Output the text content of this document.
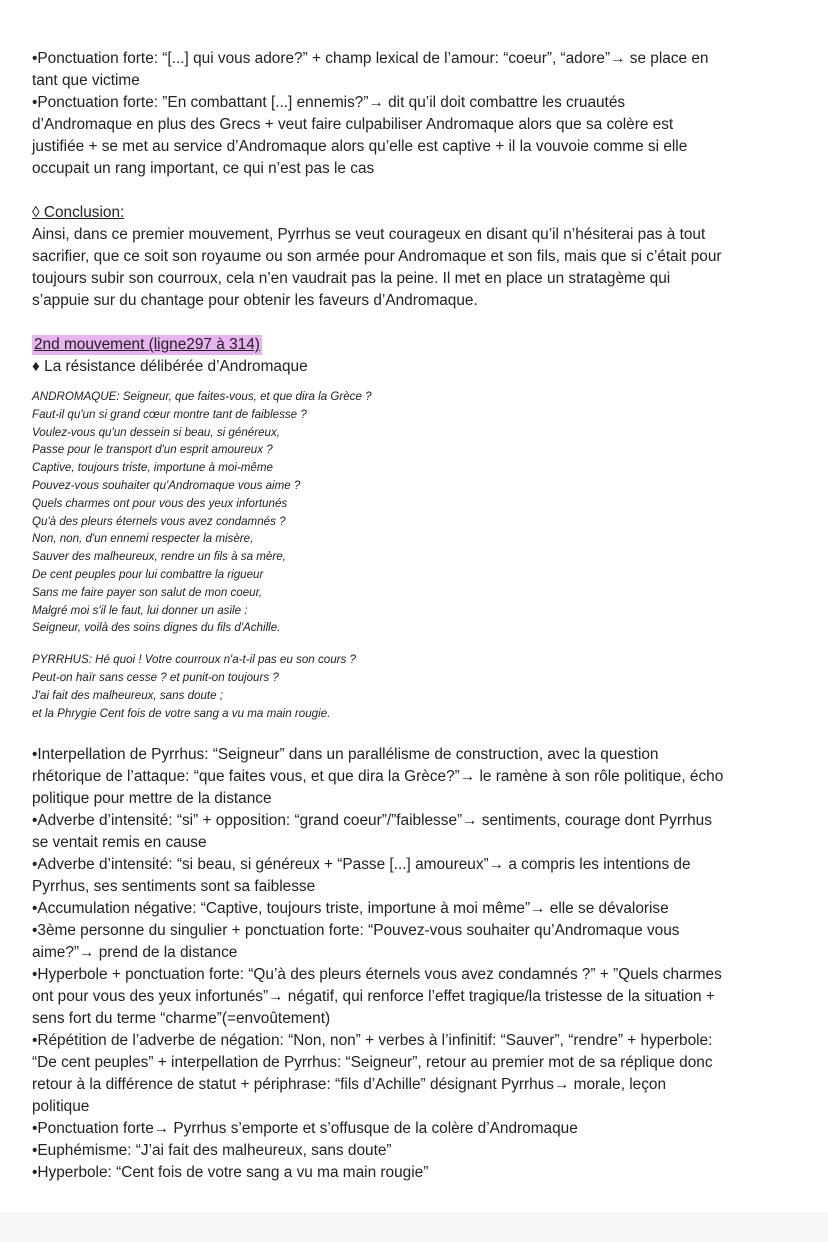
•Ponctuation forte: “[...] qui vous adore?” + champ lexical de l’amour: “coeur”, “adore”→ se place en

tant que victime

•Ponctuation forte: ”En combattant [...] ennemis?”→ dit qu’il doit combattre les cruautés

d’Andromaque en plus des Grecs + veut faire culpabiliser Andromaque alors que sa colère est

justifiée + se met au service d’Andromaque alors qu’elle est captive + il la vouvoie comme si elle

occupait un rang important, ce qui n’est pas le cas

◊ Conclusion:

Ainsi, dans ce premier mouvement, Pyrrhus se veut courageux en disant qu’il n’hésiterai pas à tout

sacrifier, que ce soit son royaume ou son armée pour Andromaque et son fils, mais que si c’était pour

toujours subir son courroux, cela n’en vaudrait pas la peine. Il met en place un stratagème qui

s’appuie sur du chantage pour obtenir les faveurs d’Andromaque.

2nd mouvement (ligne297 à 314)

♦ La résistance délibérée d’Andromaque

ANDROMAQUE: Seigneur, que faites-vous, et que dira la Grèce ?

Faut-il qu'un si grand cœur montre tant de faiblesse ?

Voulez-vous qu'un dessein si beau, si généreux,

Passe pour le transport d'un esprit amoureux ?

Captive, toujours triste, importune à moi-même

Pouvez-vous souhaiter qu'Andromaque vous aime ?

Quels charmes ont pour vous des yeux infortunés

Qu'à des pleurs éternels vous avez condamnés ?

Non, non, d'un ennemi respecter la misère,

Sauver des malheureux, rendre un fils à sa mère,

De cent peuples pour lui combattre la rigueur

Sans me faire payer son salut de mon coeur,

Malgré moi s'il le faut, lui donner un asile :

Seigneur, voilà des soins dignes du fils d'Achille.

PYRRHUS: Hé quoi ! Votre courroux n'a-t-il pas eu son cours ?

Peut-on haïr sans cesse ? et punit-on toujours ?

J'ai fait des malheureux, sans doute ;

et la Phrygie Cent fois de votre sang a vu ma main rougie.

•Interpellation de Pyrrhus: “Seigneur” dans un parallélisme de construction, avec la question

rhétorique de l’attaque: “que faites vous, et que dira la Grèce?”→ le ramène à son rôle politique, écho

politique pour mettre de la distance

•Adverbe d’intensité: “si” + opposition: “grand coeur”/”faiblesse”→ sentiments, courage dont Pyrrhus

se ventait remis en cause

•Adverbe d’intensité: “si beau, si généreux + “Passe [...] amoureux”→ a compris les intentions de

Pyrrhus, ses sentiments sont sa faiblesse

•Accumulation négative: “Captive, toujours triste, importune à moi même”→ elle se dévalorise

•3ème personne du singulier + ponctuation forte: “Pouvez-vous souhaiter qu’Andromaque vous

aime?”→ prend de la distance

•Hyperbole + ponctuation forte: “Qu’à des pleurs éternels vous avez condamnés ?” + ”Quels charmes

ont pour vous des yeux infortunés”→ négatif, qui renforce l’effet tragique/la tristesse de la situation +

sens fort du terme “charme”(=envoûtement)

•Répétition de l’adverbe de négation: “Non, non” + verbes à l’infinitif: “Sauver”, “rendre” + hyperbole:

“De cent peuples” + interpellation de Pyrrhus: “Seigneur”, retour au premier mot de sa réplique donc

retour à la différence de statut + périphrase: “fils d’Achille” désignant Pyrrhus→ morale, leçon

politique

•Ponctuation forte→ Pyrrhus s’emporte et s’offusque de la colère d’Andromaque

•Euphémisme: “J’ai fait des malheureux, sans doute”

•Hyperbole: “Cent fois de votre sang a vu ma main rougie”
